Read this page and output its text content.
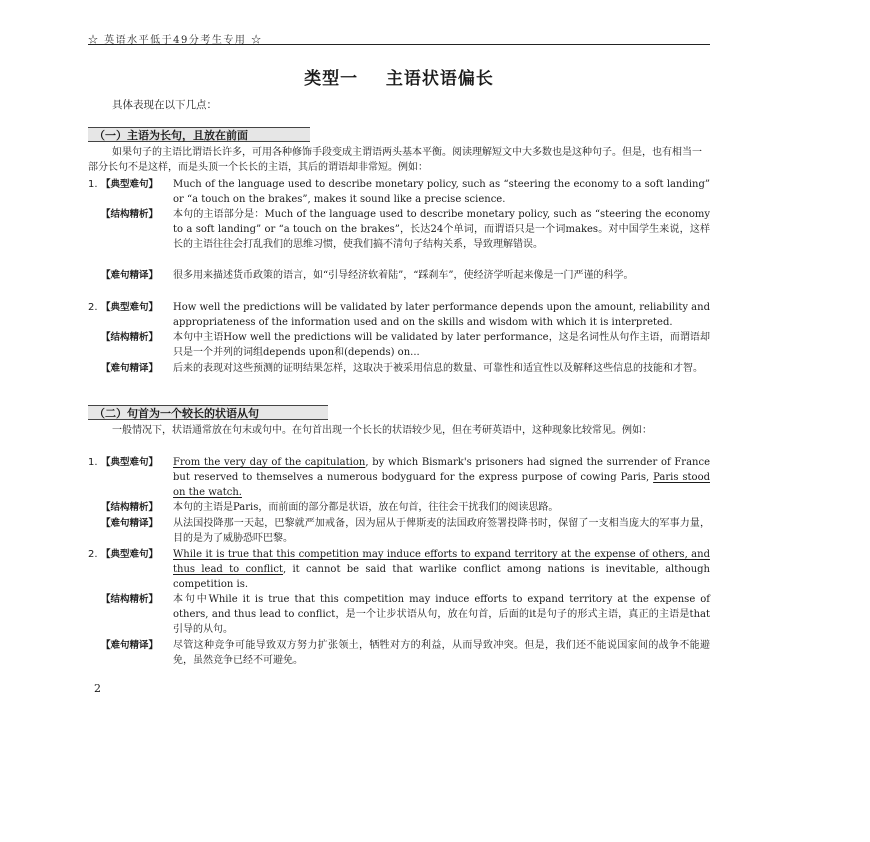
☆ 英语水平低于49分考生专用 ☆
类型一    主语状语偏长
具体表现在以下几点：
（一）主语为长句，且放在前面
如果句子的主语比谓语长许多，可用各种修饰手段变成主谓语两头基本平衡。阅读理解短文中大多数也是这种句子。但是，也有相当一部分长句不是这样，而是头顶一个长长的主语，其后的谓语却非常短。例如：
1. 【典型难句】	Much of the language used to describe monetary policy, such as “steering the economy to a soft landing” or “a touch on the brakes”, makes it sound like a precise science.
【结构精析】	本句的主语部分是：Much of the language used to describe monetary policy, such as “steering the economy to a soft landing” or “a touch on the brakes”，长达24个单词，而谓语只是一个词makes。对中国学生来说，这样长的主语往往会打乱我们的思维习惯，使我们搞不清句子结构关系，导致理解错误。
【难句精译】	很多用来描述货币政策的语言，如“引导经济软着陆”，“踩刹车”，使经济学听起来像是一门严谨的科学。
2. 【典型难句】	How well the predictions will be validated by later performance depends upon the amount, reliability and appropriateness of the information used and on the skills and wisdom with which it is interpreted.
【结构精析】	本句中主语How well the predictions will be validated by later performance，这是名词性从句作主语，而谓语却只是一个并列的词组depends upon和(depends) on...
【难句精译】	后来的表现对这些预测的证明结果怎样，这取决于被采用信息的数量、可靠性和适宜性以及解释这些信息的技能和才智。
（二）句首为一个较长的状语从句
一般情况下，状语通常放在句末或句中。在句首出现一个长长的状语较少见，但在考研英语中，这种现象比较常见。例如：
1. 【典型难句】	From the very day of the capitulation, by which Bismark's prisoners had signed the surrender of France but reserved to themselves a numerous bodyguard for the express purpose of cowing Paris, Paris stood on the watch.
【结构精析】	本句的主语是Paris，而前面的部分都是状语，放在句首，往往会干扰我们的阅读思路。
【难句精译】	从法国投降那一天起，巴黎就严加戒备，因为屈从于俾斯麦的法国政府签署投降书时，保留了一支相当庞大的军事力量，目的是为了威胁恐吓巴黎。
2. 【典型难句】	While it is true that this competition may induce efforts to expand territory at the expense of others, and thus lead to conflict, it cannot be said that warlike conflict among nations is inevitable, although competition is.
【结构精析】	本句中While it is true that this competition may induce efforts to expand territory at the expense of others, and thus lead to conflict，是一个让步状语从句，放在句首，后面的it是句子的形式主语，真正的主语是that引导的从句。
【难句精译】	尽管这种竞争可能导致双方努力扩张领土，牺牲对方的利益，从而导致冲突。但是，我们还不能说国家间的战争不能避免，虽然竞争已经不可避免。
2
